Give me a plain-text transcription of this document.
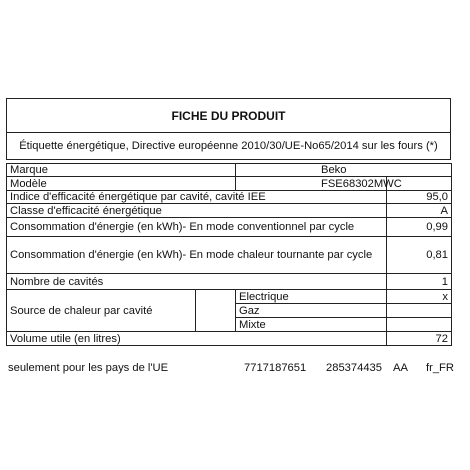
FICHE DU PRODUIT
Étiquette énergétique, Directive européenne 2010/30/UE-No65/2014 sur les fours (*)
Marque		Beko	
Modèle		FSE68302MWC	
Indice d'efficacité énergétique par cavité, cavité IEE			95,0
Classe d'efficacité énergétique			A
Consommation d'énergie (en kWh)- En mode conventionnel par cycle			0,99
Consommation d'énergie (en kWh)- En mode chaleur tournante par cycle			0,81
Nombre de cavités			1
Source de chaleur par cavité		Electrique	x
		Gaz	
		Mixte	
Volume utile (en litres)			72
seulement pour les pays de l'UE	7717187651 285374435 AA fr_FR
